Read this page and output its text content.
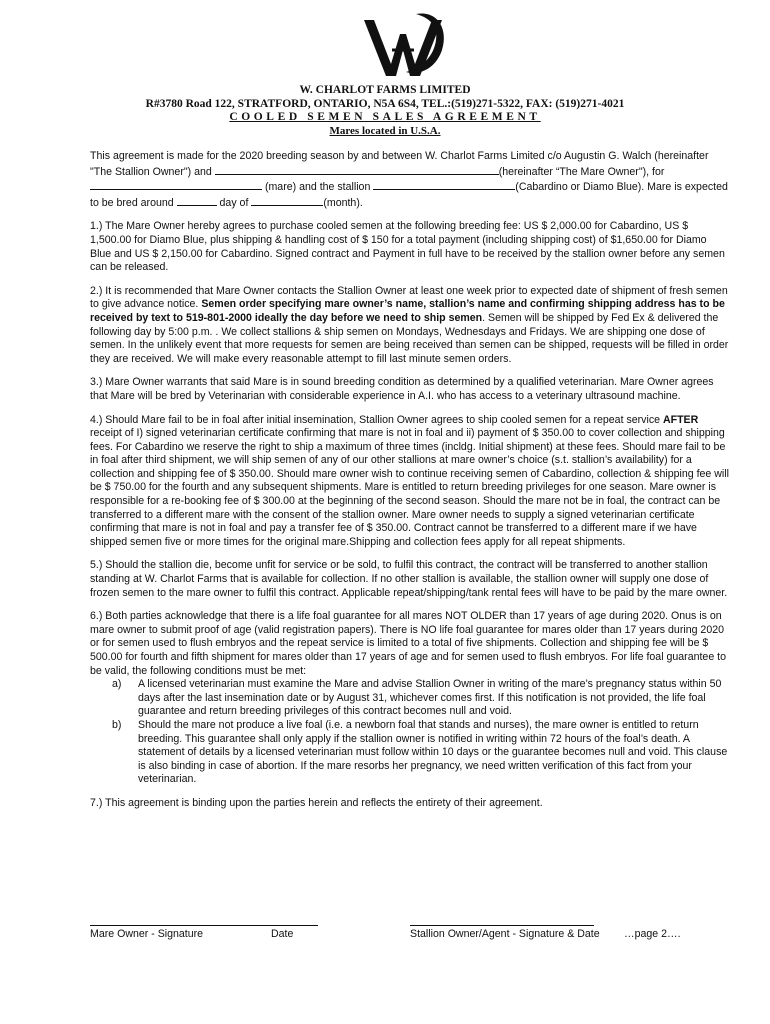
W. CHARLOT FARMS LIMITED
R#3780 Road 122, STRATFORD, ONTARIO, N5A 6S4, TEL.:(519)271-5322, FAX: (519)271-4021
COOLED SEMEN SALES AGREEMENT
Mares located in U.S.A.

This agreement is made for the 2020 breeding season by and between W. Charlot Farms Limited c/o Augustin G. Walch (hereinafter "The Stallion Owner") and	(hereinafter “The Mare Owner"), for  (mare) and the stallion	(Cabardino or Diamo Blue). Mare is expected to be bred around	day of	(month).

1.) The Mare Owner hereby agrees to purchase cooled semen at the following breeding fee: US $ 2,000.00 for Cabardino, US $ 1,500.00 for Diamo Blue, plus shipping & handling cost of $ 150 for a total payment (including shipping cost) of $1,650.00 for Diamo Blue and US $ 2,150.00 for Cabardino. Signed contract and Payment in full have to be received by the stallion owner before any semen can be released.

2.) It is recommended that Mare Owner contacts the Stallion Owner at least one week prior to expected date of shipment of fresh semen to give advance notice. Semen order specifying mare owner’s name, stallion’s name and confirming shipping address has to be received by text to 519-801-2000 ideally the day before we need to ship semen. Semen will be shipped by Fed Ex & delivered the following day by 5:00 p.m. . We collect stallions & ship semen on Mondays, Wednesdays and Fridays. We are shipping one dose of semen. In the unlikely event that more requests for semen are being received than semen can be shipped, requests will be filled in order they are received. We will make every reasonable attempt to fill last minute semen orders.

3.) Mare Owner warrants that said Mare is in sound breeding condition as determined by a qualified veterinarian. Mare Owner agrees that Mare will be bred by Veterinarian with considerable experience in A.I. who has access to a veterinary ultrasound machine.

4.) Should Mare fail to be in foal after initial insemination, Stallion Owner agrees to ship cooled semen for a repeat service AFTER receipt of I) signed veterinarian certificate confirming that mare is not in foal and ii) payment of $ 350.00 to cover collection and shipping fees. For Cabardino we reserve the right to ship a maximum of three times (incldg. Initial shipment) at these fees. Should mare fail to be in foal after third shipment, we will ship semen of any of our other stallions at mare owner’s choice (s.t. stallion’s availability) for a collection and shipping fee of $ 350.00. Should mare owner wish to continue receiving semen of Cabardino, collection & shipping fee will be $ 750.00 for the fourth and any subsequent shipments. Mare is entitled to return breeding privileges for one season. Mare owner is responsible for a re-booking fee of $ 300.00 at the beginning of the second season. Should the mare not be in foal, the contract can be transferred to a different mare with the consent of the stallion owner. Mare owner needs to supply a signed veterinarian certificate confirming that mare is not in foal and pay a transfer fee of $ 350.00. Contract cannot be transferred to a different mare if we have shipped semen five or more times for the original mare.Shipping and collection fees apply for all repeat shipments.

5.) Should the stallion die, become unfit for service or be sold, to fulfil this contract, the contract will be transferred to another stallion standing at W. Charlot Farms that is available for collection. If no other stallion is available, the stallion owner will supply one dose of frozen semen to the mare owner to fulfil this contract. Applicable repeat/shipping/tank rental fees will have to be paid by the mare owner.

6.) Both parties acknowledge that there is a life foal guarantee for all mares NOT OLDER than 17 years of age during 2020. Onus is on mare owner to submit proof of age (valid registration papers). There is NO life foal guarantee for mares older than 17 years during 2020 or for semen used to flush embryos and the repeat service is limited to a total of five shipments. Collection and shipping fee will be $ 500.00 for fourth and fifth shipment for mares older than 17 years of age and for semen used to flush embryos. For life foal guarantee to be valid, the following conditions must be met:

a) A licensed veterinarian must examine the Mare and advise Stallion Owner in writing of the mare’s pregnancy status within 50 days after the last insemination date or by August 31, whichever comes first. If this notification is not provided, the life foal guarantee and return breeding privileges of this contract becomes null and void.
b) Should the mare not produce a live foal (i.e. a newborn foal that stands and nurses), the mare owner is entitled to return breeding. This guarantee shall only apply if the stallion owner is notified in writing within 72 hours of the foal’s death. A statement of details by a licensed veterinarian must follow within 10 days or the guarantee becomes null and void. This clause is also binding in case of abortion. If the mare resorbs her pregnancy, we need written verification of this fact from your veterinarian.

7.) This agreement is binding upon the parties herein and reflects the entirety of their agreement.

Mare Owner - Signature	Date	Stallion Owner/Agent - Signature & Date …page 2….
